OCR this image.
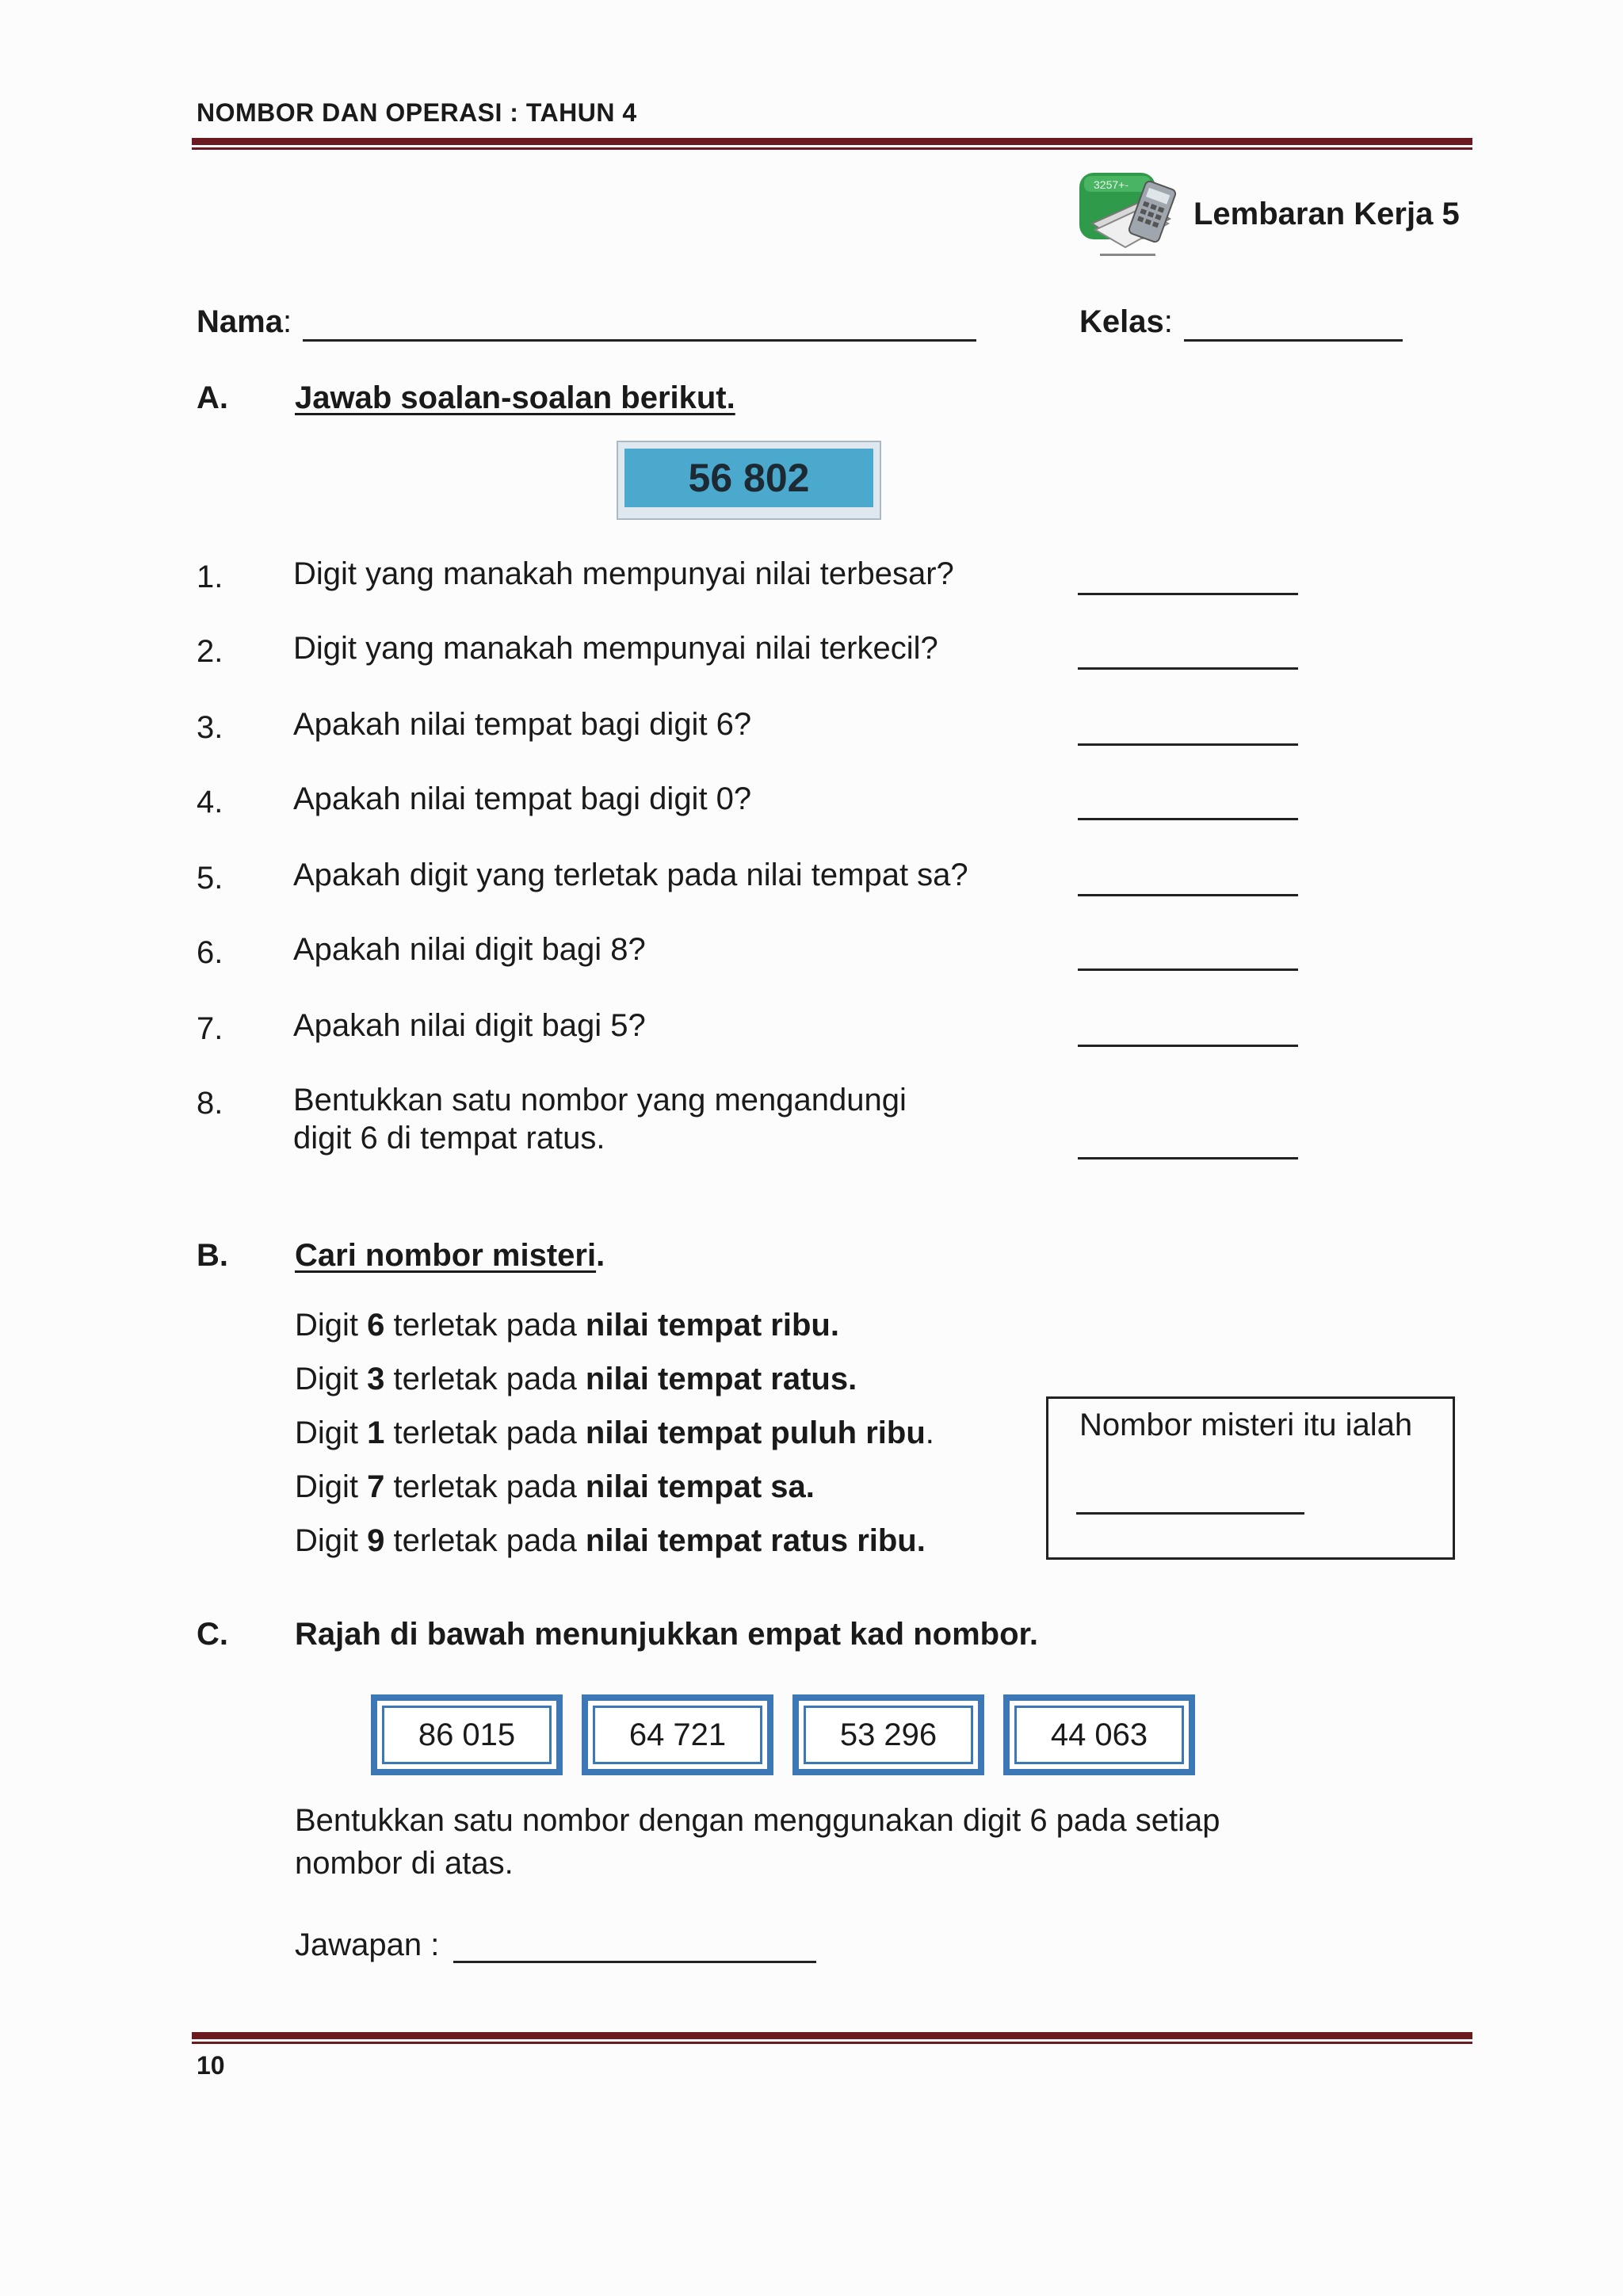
NOMBOR DAN OPERASI : TAHUN 4
3257+-
Lembaran Kerja 5
Nama:	Kelas:
A. Jawab soalan-soalan berikut.
56 802
1. Digit yang manakah mempunyai nilai terbesar?
2. Digit yang manakah mempunyai nilai terkecil?
3. Apakah nilai tempat bagi digit 6?
4. Apakah nilai tempat bagi digit 0?
5. Apakah digit yang terletak pada nilai tempat sa?
6. Apakah nilai digit bagi 8?
7. Apakah nilai digit bagi 5?
8. Bentukkan satu nombor yang mengandungi
digit 6 di tempat ratus.
B. Cari nombor misteri.
Digit 6 terletak pada nilai tempat ribu.
Digit 3 terletak pada nilai tempat ratus.
Digit 1 terletak pada nilai tempat puluh ribu.
Digit 7 terletak pada nilai tempat sa.
Digit 9 terletak pada nilai tempat ratus ribu.
Nombor misteri itu ialah
C. Rajah di bawah menunjukkan empat kad nombor.
86 015	64 721	53 296	44 063
Bentukkan satu nombor dengan menggunakan digit 6 pada setiap
nombor di atas.
Jawapan :
10
